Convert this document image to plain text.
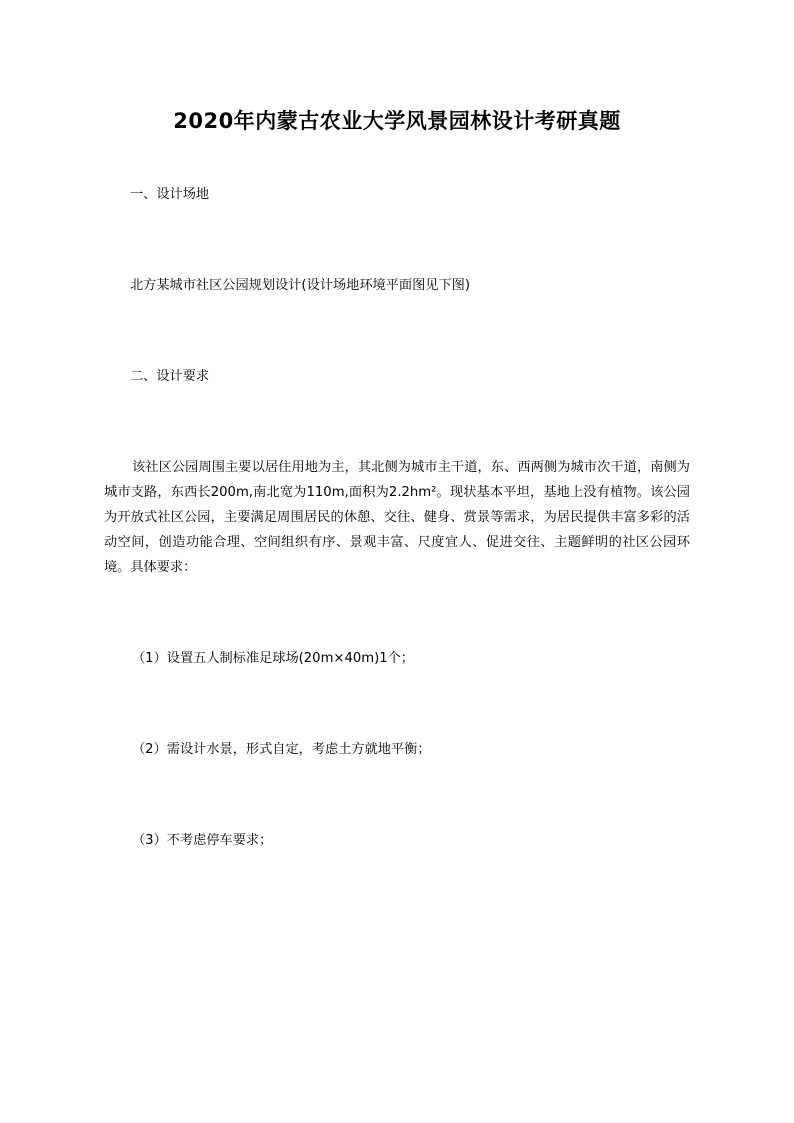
2020年内蒙古农业大学风景园林设计考研真题

一、设计场地

北方某城市社区公园规划设计(设计场地环境平面图见下图)

二、设计要求

该社区公园周围主要以居住用地为主，其北侧为城市主干道，东、西两侧为城市次干道，南侧为城市支路，东西长200m,南北宽为110m,面积为2.2hm²。现状基本平坦，基地上没有植物。该公园为开放式社区公园，主要满足周围居民的休憩、交往、健身、赏景等需求，为居民提供丰富多彩的活动空间，创造功能合理、空间组织有序、景观丰富、尺度宜人、促进交往、主题鲜明的社区公园环境。具体要求：

（1）设置五人制标准足球场(20m×40m)1个；

（2）需设计水景，形式自定，考虑土方就地平衡；

（3）不考虑停车要求；
